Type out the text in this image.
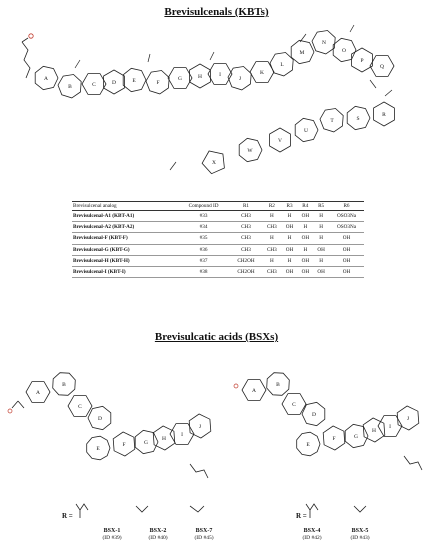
Brevisulcenals (KBTs)
A
B	C	D	E	F
G	H	I
J
K
L
M
N
O
P
Q
R
S
T
U
V
W
X
Brevisulcenal analog	Compound ID	R1	R2	R3	R4	R5	R6
Brevisulcenal-A1 (KBT-A1)	#33	CH3	H	H	OH	H	OSO3Na
Brevisulcenal-A2 (KBT-A2)	#34	CH3	CH3	OH	H	H	OSO3Na
Brevisulcenal-F (KBT-F)	#35	CH3	H	H	OH	H	OH
Brevisulcenal-G (KBT-G)	#36	CH3	CH3	OH	H	OH	OH
Brevisulcenal-H (KBT-H)	#37	CH2OH	H	H	OH	H	OH
Brevisulcenal-I (KBT-I)	#38	CH2OH	CH3	OH	OH	OH	OH
Brevisulcatic acids (BSXs)
A
B
C
D
E
F	G
H
I
J
A
B
C
D
E
F	G
H
I
J
R =	R =
BSX-1
(ID #39)
BSX-2
(ID #40)
BSX-7
(ID #45)
BSX-4
(ID #42)
BSX-5
(ID #43)
